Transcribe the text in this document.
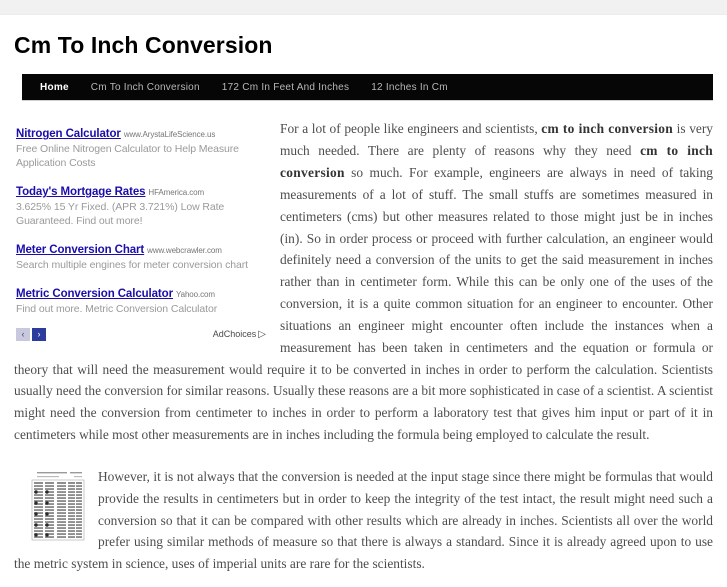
Cm To Inch Conversion
Home Cm To Inch Conversion 172 Cm In Feet And Inches 12 Inches In Cm
Nitrogen Calculator www.ArystaLifeScience.us
Free Online Nitrogen Calculator to Help Measure Application Costs
Today's Mortgage Rates HFAmerica.com
3.625% 15 Yr Fixed. (APR 3.721%) Low Rate Guaranteed. Find out more!
Meter Conversion Chart www.webcrawler.com
Search multiple engines for meter conversion chart
Metric Conversion Calculator Yahoo.com
Find out more. Metric Conversion Calculator
‹	›	AdChoices ▷

For a lot of people like engineers and scientists, cm to inch conversion is very much needed. There are plenty of reasons why they need cm to inch conversion so much. For example, engineers are always in need of taking measurements of a lot of stuff. The small stuffs are sometimes measured in centimeters (cms) but other measures related to those might just be in inches (in). So in order process or proceed with further calculation, an engineer would definitely need a conversion of the units to get the said measurement in inches rather than in centimeter form. While this can be only one of the uses of the conversion, it is a quite common situation for an engineer to encounter. Other situations an engineer might encounter often include the instances when a measurement has been taken in centimeters and the equation or formula or theory that will need the measurement would require it to be converted in inches in order to perform the calculation. Scientists usually need the conversion for similar reasons. Usually these reasons are a bit more sophisticated in case of a scientist. A scientist might need the conversion from centimeter to inches in order to perform a laboratory test that gives him input or part of it in centimeters while most other measurements are in inches including the formula being employed to calculate the result.

However, it is not always that the conversion is needed at the input stage since there might be formulas that would provide the results in centimeters but in order to keep the integrity of the test intact, the result might need such a conversion so that it can be compared with other results which are already in inches. Scientists all over the world prefer using similar methods of measure so that there is always a standard. Since it is already agreed upon to use the metric system in science, uses of imperial units are rare for the scientists.
